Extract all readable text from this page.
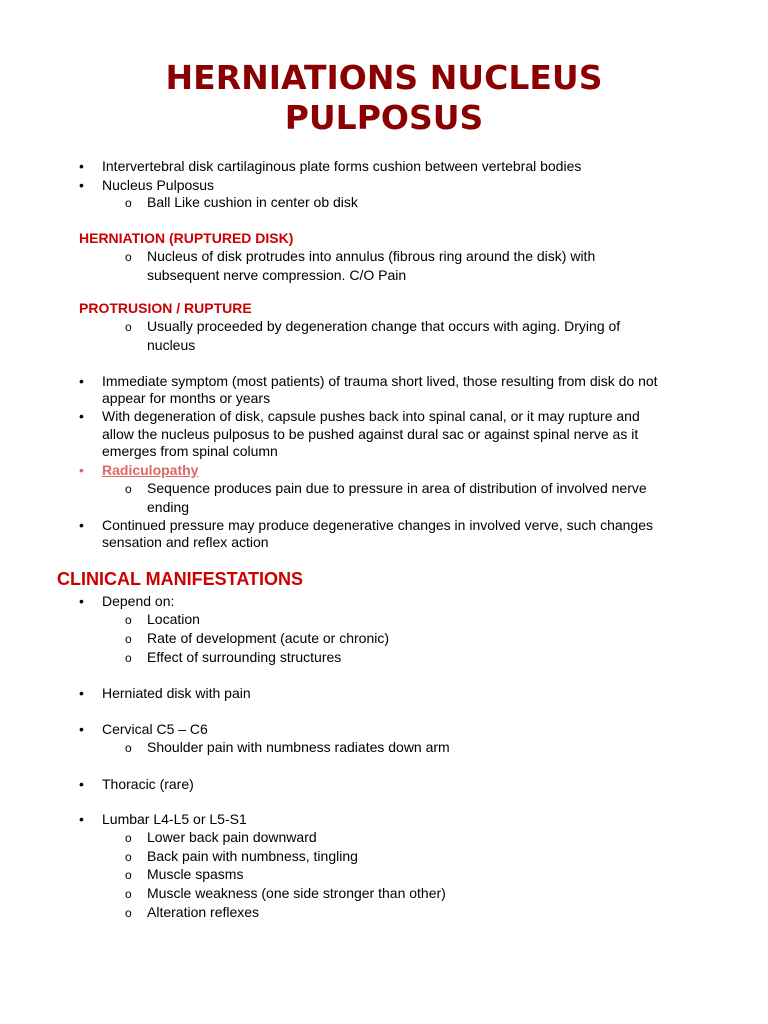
HERNIATIONS NUCLEUS
PULPOSUS
• Intervertebral disk cartilaginous plate forms cushion between vertebral bodies
• Nucleus Pulposus
o Ball Like cushion in center ob disk
HERNIATION (RUPTURED DISK)
o Nucleus of disk protrudes into annulus (fibrous ring around the disk) with
subsequent nerve compression. C/O Pain
PROTRUSION / RUPTURE
o Usually proceeded by degeneration change that occurs with aging. Drying of
nucleus
• Immediate symptom (most patients) of trauma short lived, those resulting from disk do not
appear for months or years
• With degeneration of disk, capsule pushes back into spinal canal, or it may rupture and
allow the nucleus pulposus to be pushed against dural sac or against spinal nerve as it
emerges from spinal column
• Radiculopathy
o Sequence produces pain due to pressure in area of distribution of involved nerve
ending
• Continued pressure may produce degenerative changes in involved verve, such changes
sensation and reflex action
CLINICAL MANIFESTATIONS
• Depend on:
o Location
o Rate of development (acute or chronic)
o Effect of surrounding structures
• Herniated disk with pain
• Cervical C5 – C6
o Shoulder pain with numbness radiates down arm
• Thoracic (rare)
• Lumbar L4-L5 or L5-S1
o Lower back pain downward
o Back pain with numbness, tingling
o Muscle spasms
o Muscle weakness (one side stronger than other)
o Alteration reflexes
